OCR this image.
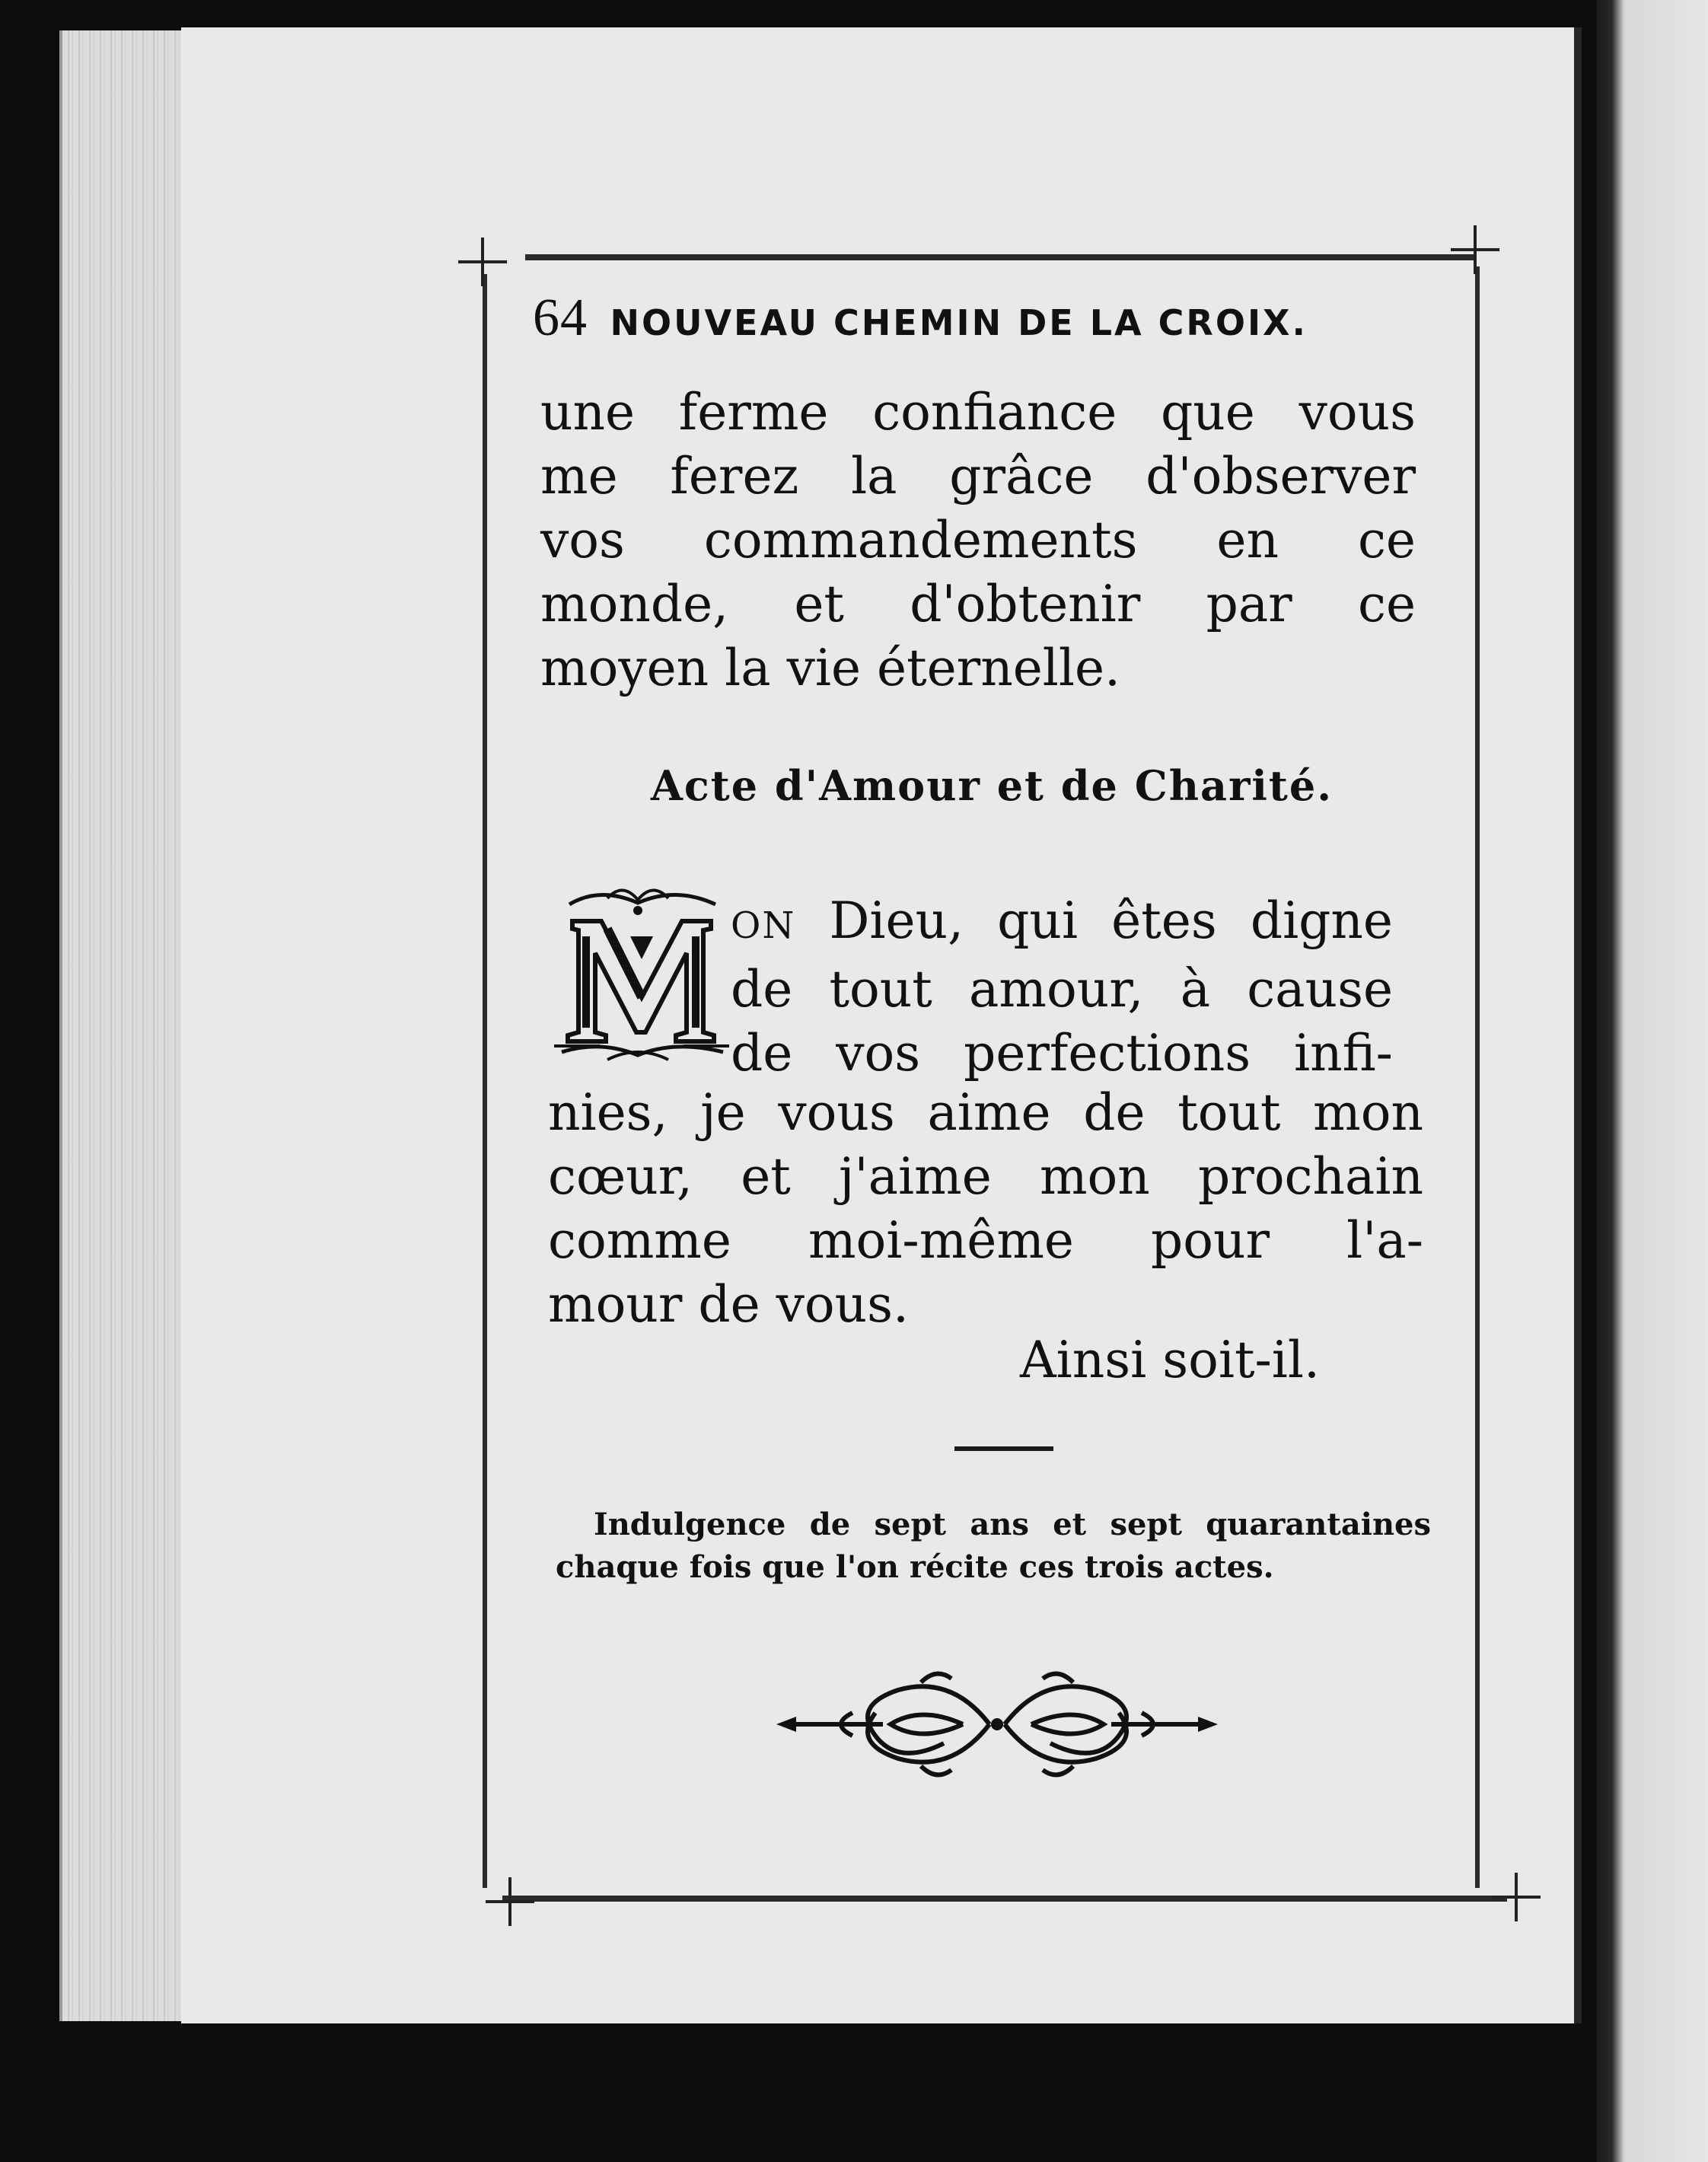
64 NOUVEAU CHEMIN DE LA CROIX.
une ferme confiance que vous
me ferez la grâce d'observer
vos commandements en ce
monde, et d'obtenir par ce
moyen la vie éternelle.
Acte d'Amour et de Charité.
ON Dieu, qui êtes digne
de tout amour, à cause
de vos perfections infi-
nies, je vous aime de tout mon
cœur, et j'aime mon prochain
comme moi-même pour l'a-
mour de vous.
Ainsi soit-il.
Indulgence de sept ans et sept quarantaines
chaque fois que l'on récite ces trois actes.
